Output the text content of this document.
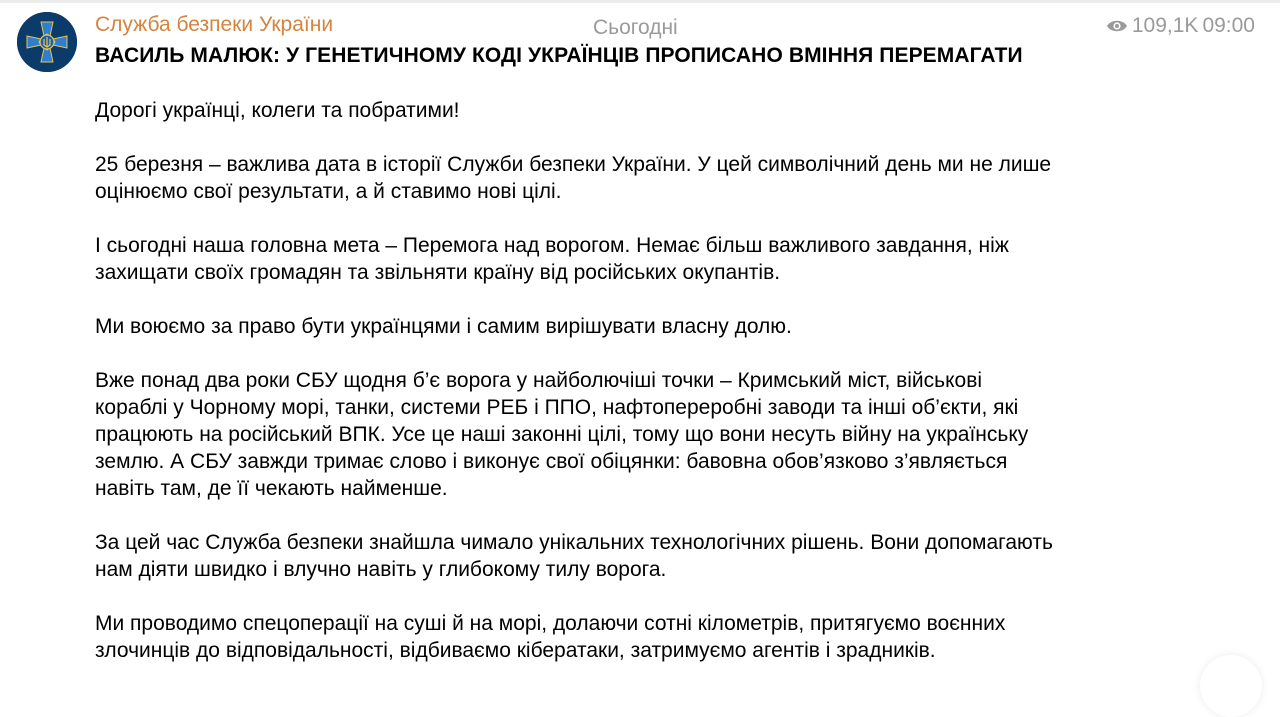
Служба безпеки України	Сьогодні	109,1K 09:00
ВАСИЛЬ МАЛЮК: У ГЕНЕТИЧНОМУ КОДІ УКРАЇНЦІВ ПРОПИСАНО ВМІННЯ ПЕРЕМАГАТИ
Дорогі українці, колеги та побратими!
25 березня – важлива дата в історії Служби безпеки України. У цей символічний день ми не лише
оцінюємо свої результати, а й ставимо нові цілі.
І сьогодні наша головна мета – Перемога над ворогом. Немає більш важливого завдання, ніж
захищати своїх громадян та звільняти країну від російських окупантів.
Ми воюємо за право бути українцями і самим вирішувати власну долю.
Вже понад два роки СБУ щодня б’є ворога у найболючіші точки – Кримський міст, військові
кораблі у Чорному морі, танки, системи РЕБ і ППО, нафтопереробні заводи та інші об’єкти, які
працюють на російський ВПК. Усе це наші законні цілі, тому що вони несуть війну на українську
землю. А СБУ завжди тримає слово і виконує свої обіцянки: бавовна обов’язково з’являється
навіть там, де її чекають найменше.
За цей час Служба безпеки знайшла чимало унікальних технологічних рішень. Вони допомагають
нам діяти швидко і влучно навіть у глибокому тилу ворога.
Ми проводимо спецоперації на суші й на морі, долаючи сотні кілометрів, притягуємо воєнних
злочинців до відповідальності, відбиваємо кібератаки, затримуємо агентів і зрадників.
